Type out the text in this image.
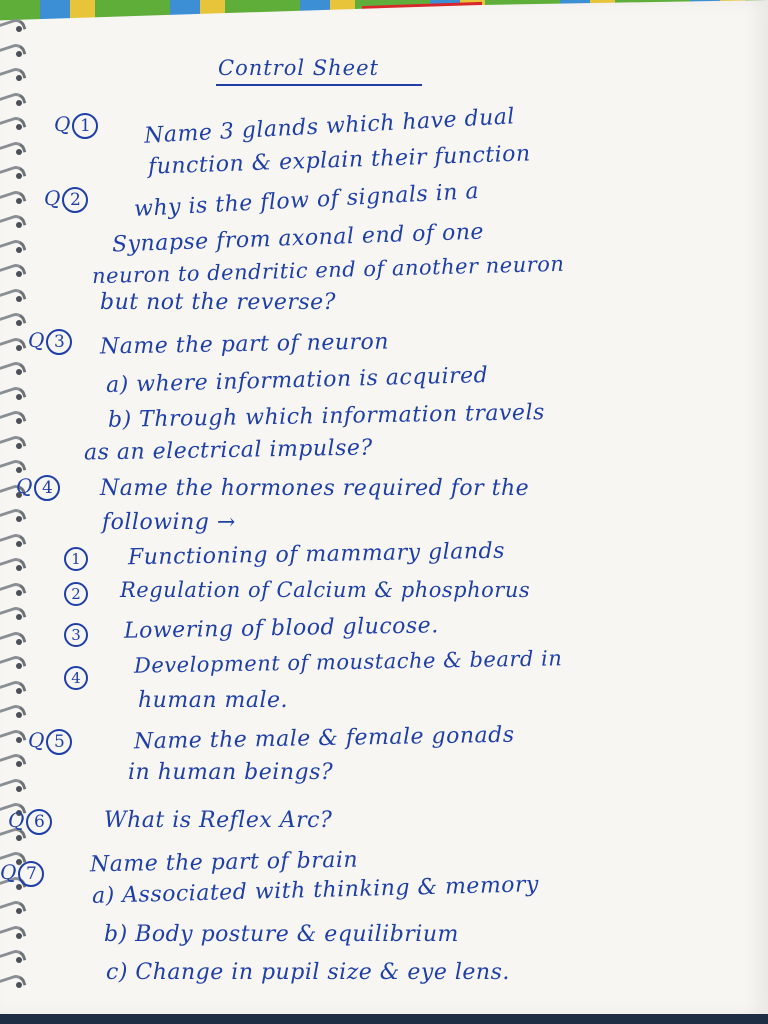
Control Sheet
Q 1	Name 3 glands which have dual
function & explain their function
Q 2	why is the flow of signals in a
Synapse from axonal end of one
neuron to dendritic end of another neuron
but not the reverse?
Q 3	Name the part of neuron
a) where information is acquired
b) Through which information travels
as an electrical impulse?
Q 4	Name the hormones required for the
following →
1	Functioning of mammary glands
2	Regulation of Calcium & phosphorus
3	Lowering of blood glucose.
4
Development of moustache & beard in
human male.
Q 5	Name the male & female gonads
in human beings?
Q 6	What is Reflex Arc?
Q 7	Name the part of brain
a) Associated with thinking & memory
b) Body posture & equilibrium
c) Change in pupil size & eye lens.
